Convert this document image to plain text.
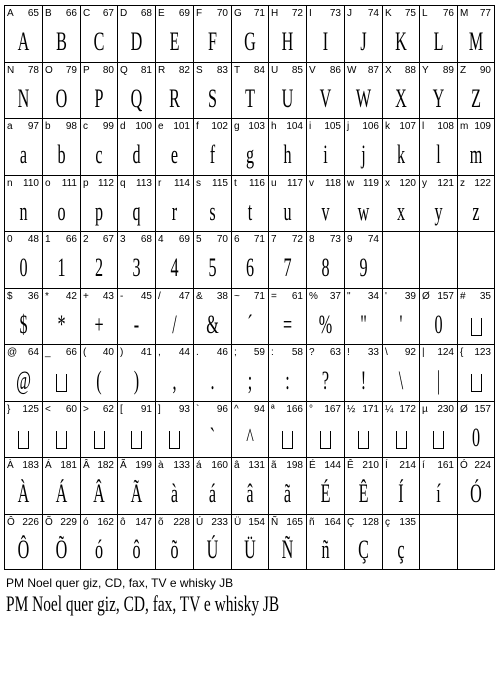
A 65
A
B 66
B
C 67
C
D 68
D
E 69
E
F 70
F
G 71
G
H 72
H
I 73
I
J 74
J
K 75
K
L 76
L
M 77
M
N 78
N
O 79
O
P 80
P
Q 81
Q
R 82
R
S 83
S
T 84
T
U 85
U
V 86
V
W 87
W
X 88
X
Y 89
Y
Z 90
Z
a 97
a
b 98
b
c 99
c
d 100
d
e 101
e
f 102
f
g 103
g
h 104
h
i 105
i
j 106
j
k 107
k
l 108
l
m 109
m
n 110
n
o 111
o
p 112
p
q 113
q
r 114
r
s 115
s
t 116
t
u 117
u
v 118
v
w 119
w
x 120
x
y 121
y
z 122
z
0 48
0
1 66
1
2 67
2
3 68
3
4 69
4
5 70
5
6 71
6
7 72
7
8 73
8
9 74
9
$ 36
$
* 42
*
+ 43
+
- 45
-
/ 47
/
& 38
&
~ 71
´
= 61
=
% 37
%
" 34
"
' 39
'
Ø 157
0
# 35
@ 64
@
_ 66 ( 40
(
) 41
)
, 44
,
. 46
.
; 59
;
: 58
:
? 63
?
! 33
!
\ 92
\
| 124
|
{ 123
} 125 < 60 > 62 [ 91 ] 93 ` 96
`
^ 94
^
ª 166 ° 167 ½ 171 ¼ 172 µ 230 Ø 157
0
À 183
À
Á 181
Á
Â 182
Â
Ã 199
Ã
à 133
à
á 160
á
â 131
â
ã 198
ã
É 144
É
Ê 210
Ê
Í 214
Í
í 161
í
Ó 224
Ó
Ô 226
Ô
Õ 229
Õ
ó 162
ó
ô 147
ô
õ 228
õ
Ú 233
Ú
Ü 154
Ü
Ñ 165
Ñ
ñ 164
ñ
Ç 128
Ç
ç 135
ç
PM Noel quer giz, CD, fax, TV e whisky JB
PM Noel quer giz, CD, fax, TV e whisky JB
